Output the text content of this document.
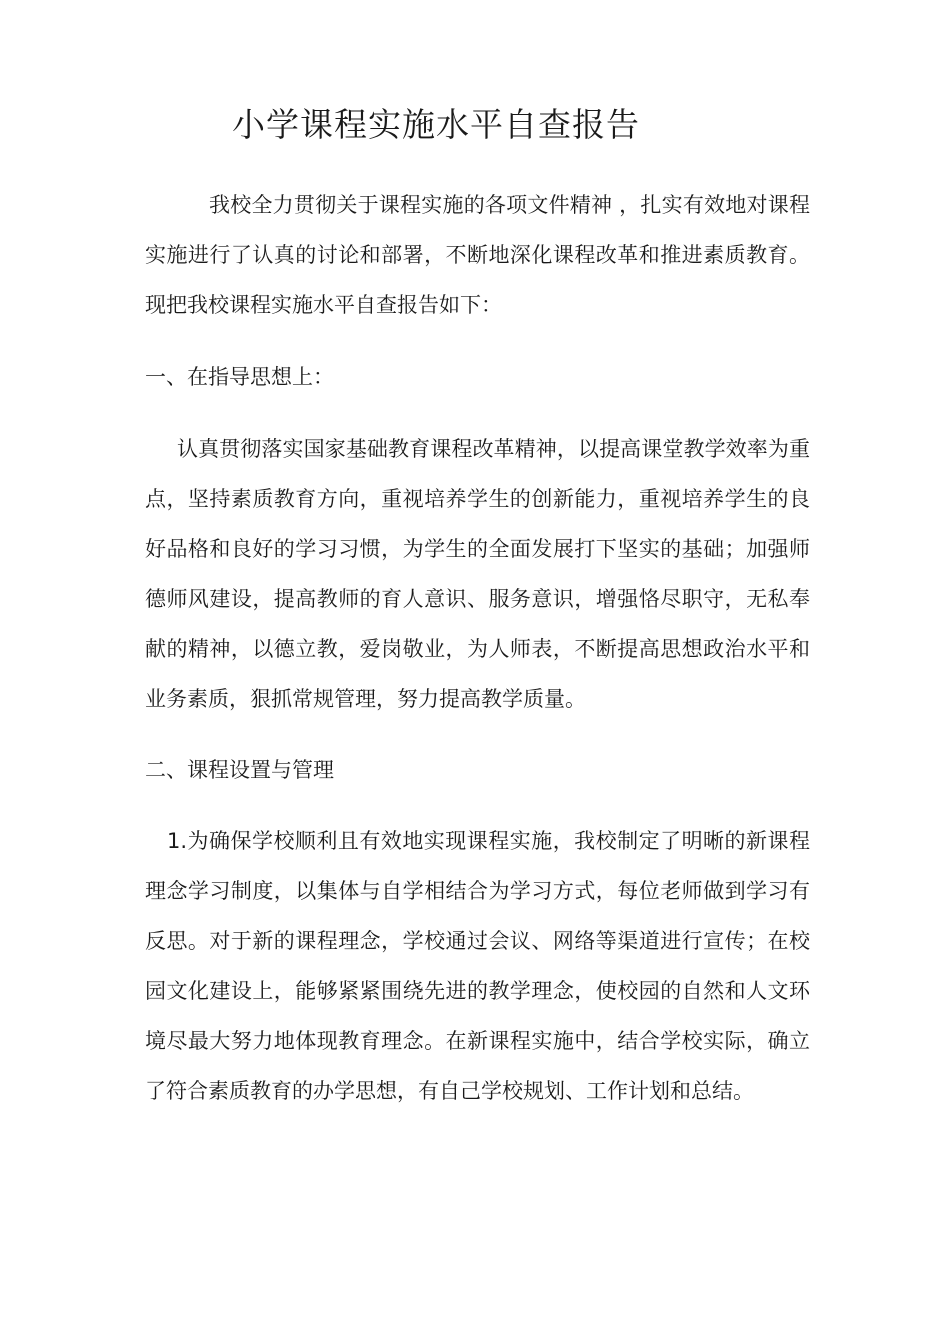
小学课程实施水平自查报告

我校全力贯彻关于课程实施的各项文件精神 ，扎实有效地对课程实施进行了认真的讨论和部署，不断地深化课程改革和推进素质教育。现把我校课程实施水平自查报告如下：

一、在指导思想上：

认真贯彻落实国家基础教育课程改革精神，以提高课堂教学效率为重点，坚持素质教育方向，重视培养学生的创新能力，重视培养学生的良好品格和良好的学习习惯，为学生的全面发展打下坚实的基础；加强师德师风建设，提高教师的育人意识、服务意识，增强恪尽职守，无私奉献的精神，以德立教，爱岗敬业，为人师表，不断提高思想政治水平和业务素质，狠抓常规管理，努力提高教学质量。

二、课程设置与管理

1.为确保学校顺利且有效地实现课程实施，我校制定了明晰的新课程理念学习制度，以集体与自学相结合为学习方式，每位老师做到学习有反思。对于新的课程理念，学校通过会议、网络等渠道进行宣传；在校园文化建设上，能够紧紧围绕先进的教学理念，使校园的自然和人文环境尽最大努力地体现教育理念。在新课程实施中，结合学校实际，确立了符合素质教育的办学思想，有自己学校规划、工作计划和总结。
